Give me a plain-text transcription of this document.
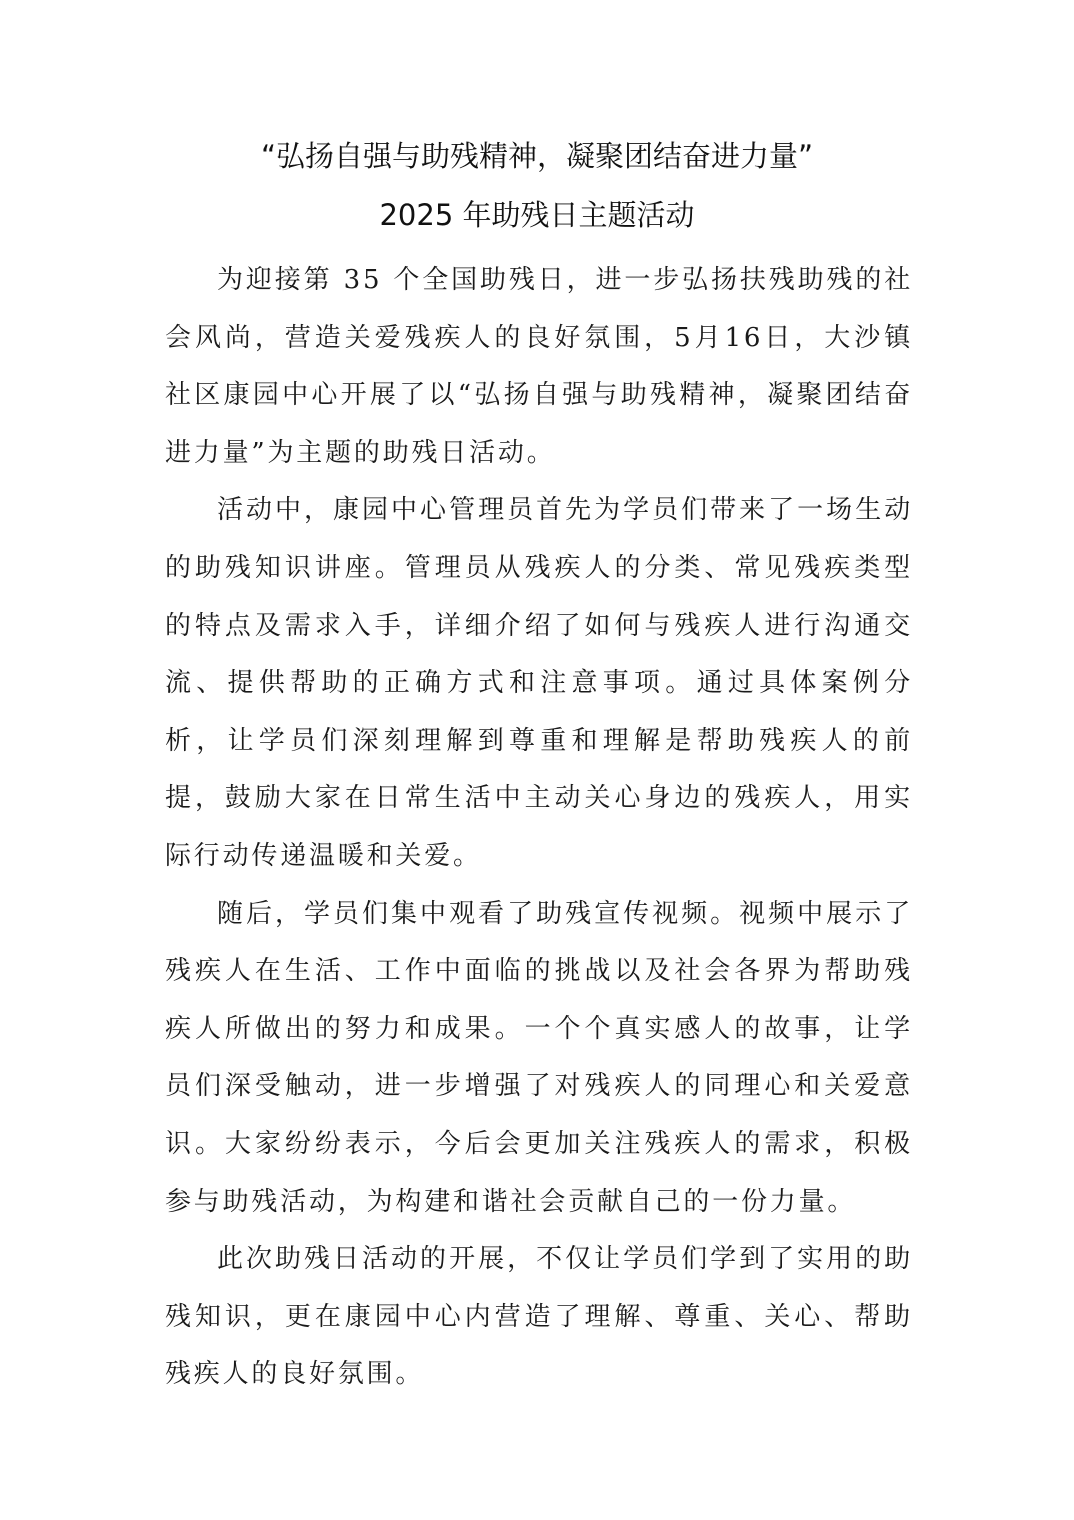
“弘扬自强与助残精神，凝聚团结奋进力量”
2025 年助残日主题活动

为迎接第 35 个全国助残日，进一步弘扬扶残助残的社会风尚，营造关爱残疾人的良好氛围，5月16日，大沙镇社区康园中心开展了以“弘扬自强与助残精神，凝聚团结奋进力量”为主题的助残日活动。

活动中，康园中心管理员首先为学员们带来了一场生动的助残知识讲座。管理员从残疾人的分类、常见残疾类型的特点及需求入手，详细介绍了如何与残疾人进行沟通交流、提供帮助的正确方式和注意事项。通过具体案例分析，让学员们深刻理解到尊重和理解是帮助残疾人的前提，鼓励大家在日常生活中主动关心身边的残疾人，用实际行动传递温暖和关爱。

随后，学员们集中观看了助残宣传视频。视频中展示了残疾人在生活、工作中面临的挑战以及社会各界为帮助残疾人所做出的努力和成果。一个个真实感人的故事，让学员们深受触动，进一步增强了对残疾人的同理心和关爱意识。大家纷纷表示，今后会更加关注残疾人的需求，积极参与助残活动，为构建和谐社会贡献自己的一份力量。

此次助残日活动的开展，不仅让学员们学到了实用的助残知识，更在康园中心内营造了理解、尊重、关心、帮助残疾人的良好氛围。
